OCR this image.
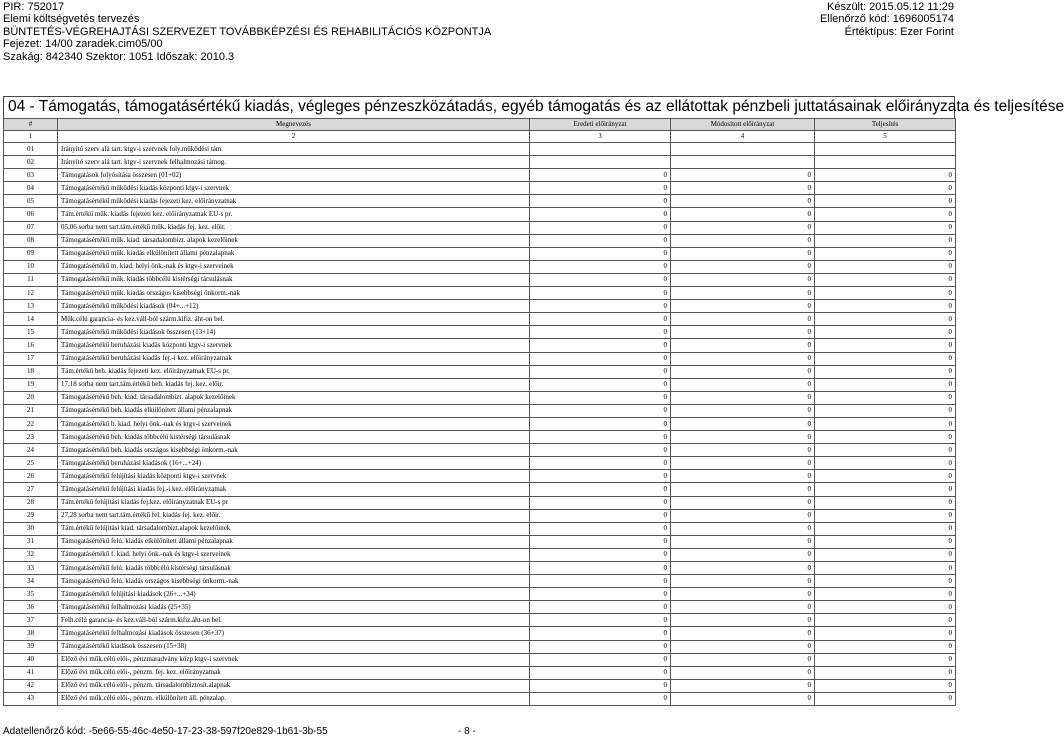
PIR: 752017
Elemi költségvetés tervezés
BÜNTETÉS-VÉGREHAJTÁSI SZERVEZET TOVÁBBKÉPZÉSI ÉS REHABILITÁCIÓS KÖZPONTJA
Fejezet: 14/00 zaradek.cim05/00
Szakág: 842340 Szektor: 1051 Időszak: 2010.3
Készült: 2015.05.12 11:29
Ellenőrző kód: 1696005174
Értéktípus: Ezer Forint
04 - Támogatás, támogatásértékű kiadás, végleges pénzeszközátadás, egyéb támogatás és az ellátottak pénzbeli juttatásainak előirányzata és teljesítése
#	Megnevezés	Eredeti előirányzat	Módosított előirányzat	Teljesítés
1	2	3	4	5
01	Irányító szerv alá tart. ktgv-i szervnek foly.működési tám.			
02	Irányító szerv alá tart. ktgv-i szervnek felhalmozási támog.			
03	Támogatások folyósítása összesen (01+02)	0	0	0
04	Támogatásértékű működési kiadás központi ktgv-i szervnek	0	0	0
05	Támogatásértékű működési kiadás fejezeti kez. előirányzatnak	0	0	0
06	Tám.értékű műk. kiadás fejezeti kez. előirányzatnak EU-s pr.	0	0	0
07	05,06 sorba nem tart.tám.értékű műk. kiadás fej. kez. előir.	0	0	0
08	Támogatásértékű műk. kiad. társadalombizt. alapok kezelőinek	0	0	0
09	Támogatásértékű műk. kiadás elkülönített állami pénzalapnak	0	0	0
10	Támogatásértékű m. kiad. helyi önk.-nak és ktgv-i szerveinek	0	0	0
11	Támogatásértékű műk. kiadás többcélú kistérségi társulásnak	0	0	0
12	Támogatásértékű műk. kiadás országos kisebbségi önkorm.-nak	0	0	0
13	Támogatásértékű működési kiadások (04+...+12)	0	0	0
14	Műk.célú garancia- és kez.váll-ból szárm.kifiz. áht-on bel.	0	0	0
15	Támogatásértékű működési kiadások összesen (13+14)	0	0	0
16	Támogatásértékű beruházási kiadás központi ktgv-i szervnek	0	0	0
17	Támogatásértékű beruházási kiadás fej.-i kez. előirányzatnak	0	0	0
18	Tám.értékű beh. kiadás fejezeti kez. előirányzatnak EU-s pr.	0	0	0
19	17,18 sorba nem tart.tám.értékű beh. kiadás fej. kez. előir.	0	0	0
20	Támogatásértékű beh. kiad. társadalombizt. alapok kezelőinek	0	0	0
21	Támogatásértékű beh. kiadás elkülönített állami pénzalapnak	0	0	0
22	Támogatásértékű b. kiad. helyi önk.-nak és ktgv-i szerveinek	0	0	0
23	Támogatásértékű beh. kiadás többcélú kistérségi társulásnak	0	0	0
24	Támogatásértékű beh. kiadás országos kisebbségi önkorm.-nak	0	0	0
25	Támogatásértékű beruházási kiadások (16+...+24)	0	0	0
26	Támogatásértékű felújítási kiadás központi ktgv-i szervnek	0	0	0
27	Támogatásértékű felújítási kiadás fej.-i kez. előirányzatnak	0	0	0
28	Tám.értékű felújítási kiadás fej.kez. előirányzatnak EU-s pr	0	0	0
29	27,28 sorba nem tart.tám.értékű fel. kiadás fej. kez. előir.	0	0	0
30	Tám.értékű felújítási kiad. társadalombizt.alapok kezelőinek	0	0	0
31	Támogatásértékű felú. kiadás elkülönített állami pénzalapnak	0	0	0
32	Támogatásértékű f. kiad. helyi önk.-nak és ktgv-i szerveinek	0	0	0
33	Támogatásértékű felú. kiadás többcélú kistérségi társulásnak	0	0	0
34	Támogatásértékű felú. kiadás országos kisebbségi önkorm.-nak	0	0	0
35	Támogatásértékű felújítási kiadások (26+...+34)	0	0	0
36	Támogatásértékű felhalmozási kiadás (25+35)	0	0	0
37	Felh.célú garancia- és kez.váll-ból szárm.kifiz.áht-on bel.	0	0	0
38	Támogatásértékű felhalmozási kiadások összesen (36+37)	0	0	0
39	Támogatásértékű kiadások összesen (15+38)	0	0	0
40	Előző évi műk.célú elői-, pénzmaradvány közp ktgv-i szervnek	0	0	0
41	Előző évi műk.célú elői-, pénzm. fej. kez. előirányzatnak	0	0	0
42	Előző évi műk.célú elői-, pénzm. társadalombiztosít.alapnak	0	0	0
43	Előző évi műk.célú elői-, pénzm. elkülönített áll. pénzalap.	0	0	0
Adatellenőrző kód: -5e66-55-46c-4e50-17-23-38-597f20e829-1b61-3b-55	- 8 -
